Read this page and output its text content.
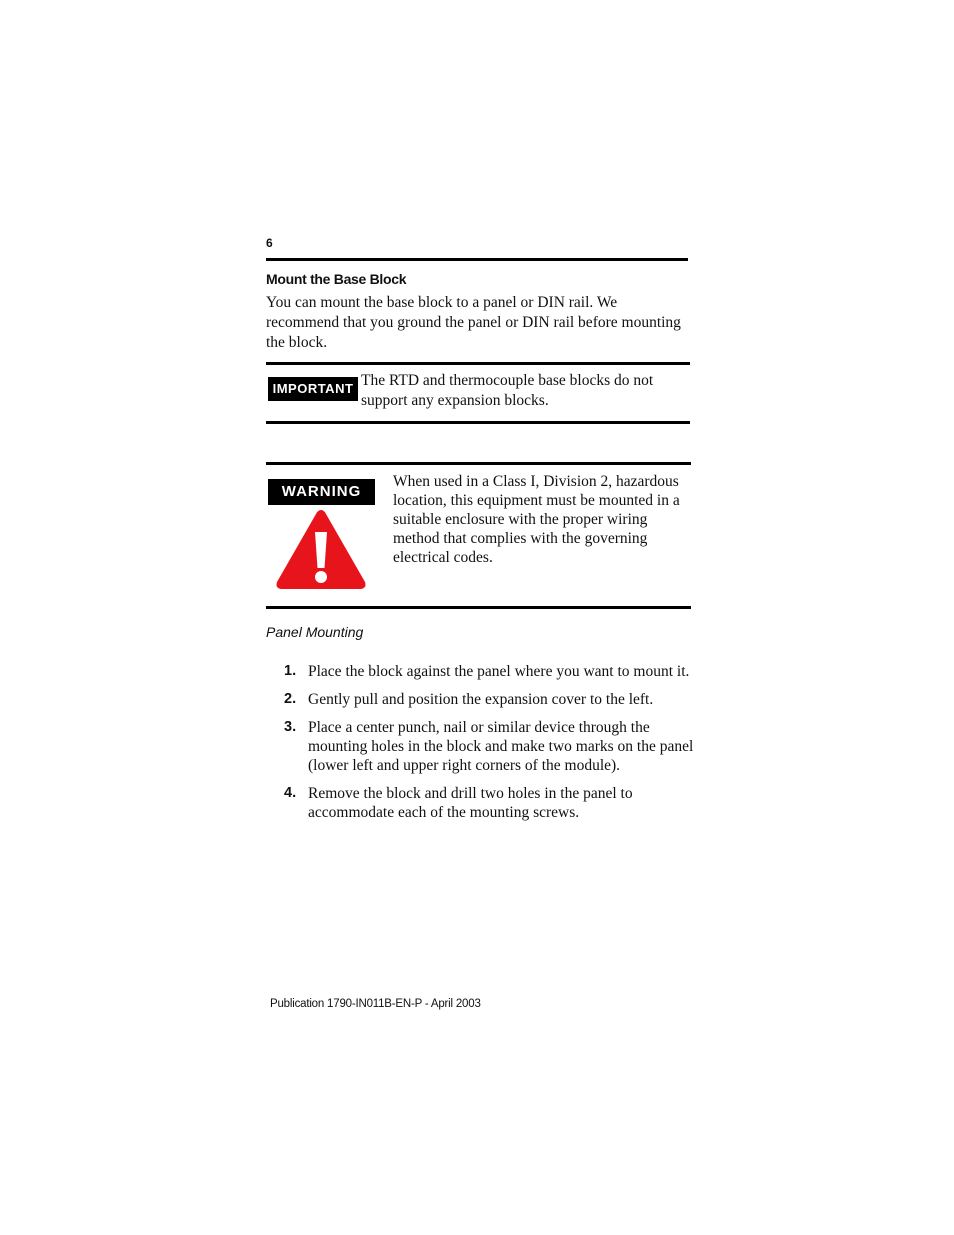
6
Mount the Base Block

You can mount the base block to a panel or DIN rail. We recommend that you ground the panel or DIN rail before mounting the block.

IMPORTANT The RTD and thermocouple base blocks do not support any expansion blocks.

WARNING

When used in a Class I, Division 2, hazardous location, this equipment must be mounted in a suitable enclosure with the proper wiring method that complies with the governing electrical codes.

Panel Mounting
1. Place the block against the panel where you want to mount it.
2. Gently pull and position the expansion cover to the left.
3. Place a center punch, nail or similar device through the mounting holes in the block and make two marks on the panel (lower left and upper right corners of the module).
4. Remove the block and drill two holes in the panel to accommodate each of the mounting screws.
Publication 1790-IN011B-EN-P - April 2003
